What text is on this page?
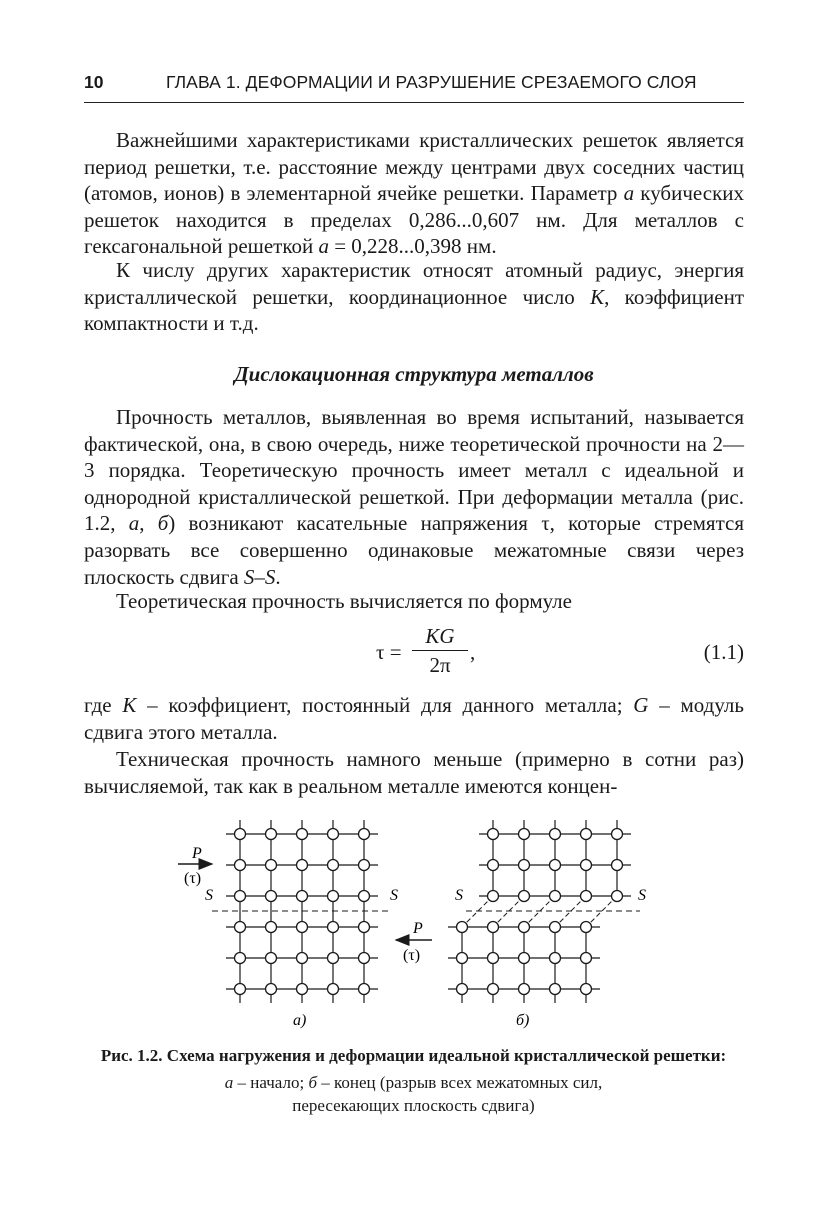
10	ГЛАВА 1. ДЕФОРМАЦИИ И РАЗРУШЕНИЕ СРЕЗАЕМОГО СЛОЯ

Важнейшими характеристиками кристаллических решеток является период решетки, т.е. расстояние между центрами двух соседних частиц (атомов, ионов) в элементарной ячейке решетки. Параметр a кубических решеток находится в пределах 0,286...0,607 нм. Для металлов с гексагональной решеткой a = 0,228...0,398 нм.

К числу других характеристик относят атомный радиус, энергия кристаллической решетки, координационное число K, коэффициент компактности и т.д.

Дислокационная структура металлов

Прочность металлов, выявленная во время испытаний, называется фактической, она, в свою очередь, ниже теоретической прочности на 2—3 порядка. Теоретическую прочность имеет металл с идеальной и однородной кристаллической решеткой. При деформации металла (рис. 1.2, а, б) возникают касательные напряжения τ, которые стремятся разорвать все совершенно одинаковые межатомные связи через плоскость сдвига S–S.

Теоретическая прочность вычисляется по формуле

τ =
KG
2π
,	(1.1)

где K – коэффициент, постоянный для данного металла; G – модуль сдвига этого металла.

Техническая прочность намного меньше (примерно в сотни раз) вычисляемой, так как в реальном металле имеются концен-

P
(τ)
S	S
а)
P
(τ)
S	S
б)
Рис. 1.2. Схема нагружения и деформации идеальной кристаллической решетки:
а – начало; б – конец (разрыв всех межатомных сил,
пересекающих плоскость сдвига)
